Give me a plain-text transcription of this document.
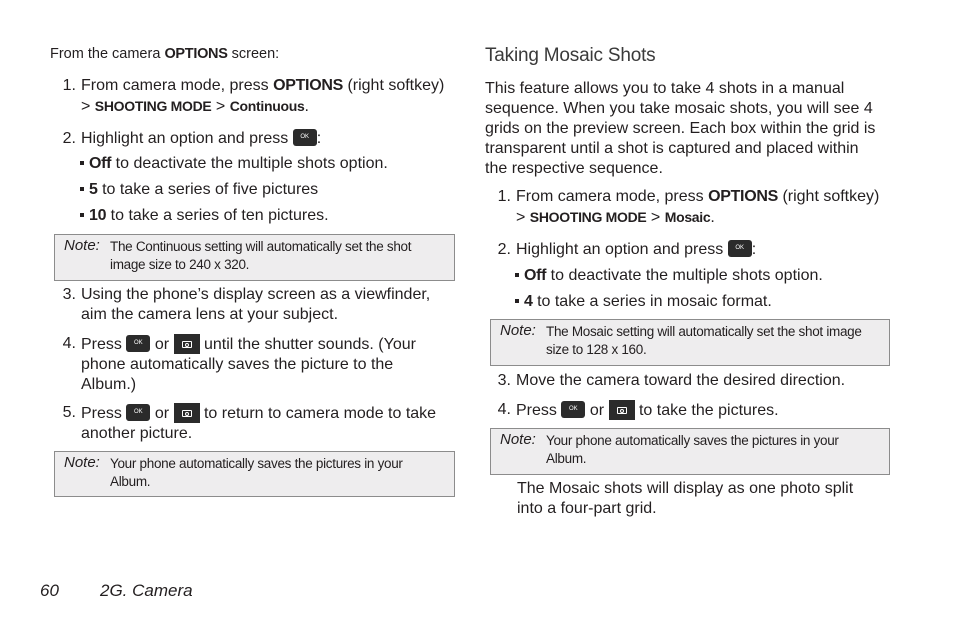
From the camera OPTIONS screen:

1. From camera mode, press OPTIONS (right softkey)
> SHOOTING MODE > Continuous.
2. Highlight an option and press	OK :
Off to deactivate the multiple shots option.
5 to take a series of five pictures
10 to take a series of ten pictures.
Note: The Continuous setting will automatically set the shot
image size to 240 x 320.
3. Using the phone’s display screen as a viewfinder,
aim the camera lens at your subject.
4. Press	OK or until the shutter sounds. (Your
phone automatically saves the picture to the
Album.)
5. Press	OK or to return to camera mode to take
another picture.
Note: Your phone automatically saves the pictures in your
Album.
Taking Mosaic Shots
This feature allows you to take 4 shots in a manual
sequence. When you take mosaic shots, you will see 4
grids on the preview screen. Each box within the grid is
transparent until a shot is captured and placed within
the respective sequence.
1. From camera mode, press OPTIONS (right softkey)
> SHOOTING MODE > Mosaic.
2. Highlight an option and press	OK :
Off to deactivate the multiple shots option.
4 to take a series in mosaic format.
Note: The Mosaic setting will automatically set the shot image
size to 128 x 160.
3. Move the camera toward the desired direction.
4. Press	OK or to take the pictures.
Note: Your phone automatically saves the pictures in your
Album.
The Mosaic shots will display as one photo split
into a four-part grid.
60 2G. Camera
